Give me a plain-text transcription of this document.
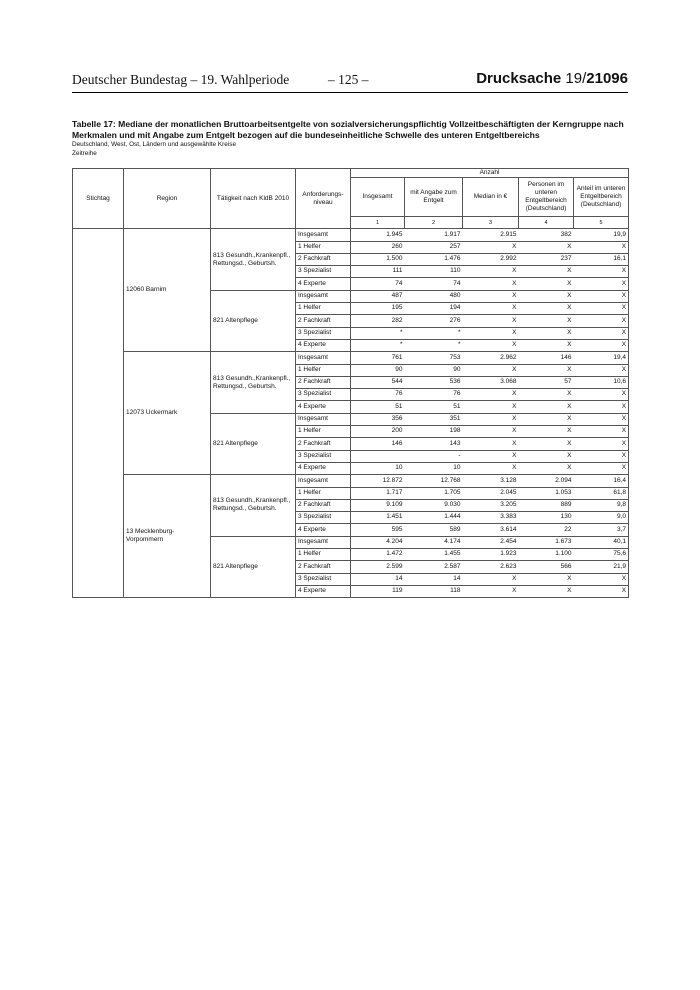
Deutscher Bundestag – 19. Wahlperiode	– 125 –	Drucksache 19/21096
Tabelle 17: Mediane der monatlichen Bruttoarbeitsentgelte von sozialversicherungspflichtig Vollzeitbeschäftigten der Kerngruppe nach Merkmalen und mit Angabe zum Entgelt bezogen auf die bundeseinheitliche Schwelle des unteren Entgeltbereichs
Deutschland, West, Ost, Ländern und ausgewählte Kreise
Zeitreihe
Stichtag	Region	Tätigkeit nach KldB 2010	Anforderungs-niveau	Anzahl				
				Insgesamt	mit Angabe zum Entgelt	Median in €	Personen im unteren Entgeltbereich (Deutschland)	Anteil im unteren Entgeltbereich (Deutschland)
				1	2	3	4	5
	12060 Barnim	813 Gesundh.,Krankenpfl., Rettungsd., Geburtsh.	Insgesamt	1.945	1.917	2.915	382	19,9
			1 Helfer	260	257	X	X	X
			2 Fachkraft	1.500	1.476	2.992	237	16,1
			3 Spezialist	111	110	X	X	X
			4 Experte	74	74	X	X	X
		821 Altenpflege	Insgesamt	487	480	X	X	X
			1 Helfer	195	194	X	X	X
			2 Fachkraft	282	276	X	X	X
			3 Spezialist	*	*	X	X	X
			4 Experte	*	*	X	X	X
	12073 Uckermark	813 Gesundh.,Krankenpfl., Rettungsd., Geburtsh.	Insgesamt	761	753	2.962	146	19,4
			1 Helfer	90	90	X	X	X
			2 Fachkraft	544	536	3.068	57	10,6
			3 Spezialist	76	76	X	X	X
			4 Experte	51	51	X	X	X
		821 Altenpflege	Insgesamt	356	351	X	X	X
			1 Helfer	200	198	X	X	X
			2 Fachkraft	146	143	X	X	X
			3 Spezialist		-	X	X	X
			4 Experte	10	10	X	X	X
	13 Mecklenburg-Vorpommern	813 Gesundh.,Krankenpfl., Rettungsd., Geburtsh.	Insgesamt	12.872	12.768	3.128	2.094	16,4
			1 Helfer	1.717	1.705	2.045	1.053	61,8
			2 Fachkraft	9.109	9.030	3.205	889	9,8
			3 Spezialist	1.451	1.444	3.383	130	9,0
			4 Experte	595	589	3.614	22	3,7
		821 Altenpflege	Insgesamt	4.204	4.174	2.454	1.673	40,1
			1 Helfer	1.472	1.455	1.923	1.100	75,6
			2 Fachkraft	2.599	2.587	2.623	566	21,9
			3 Spezialist	14	14	X	X	X
			4 Experte	119	118	X	X	X
